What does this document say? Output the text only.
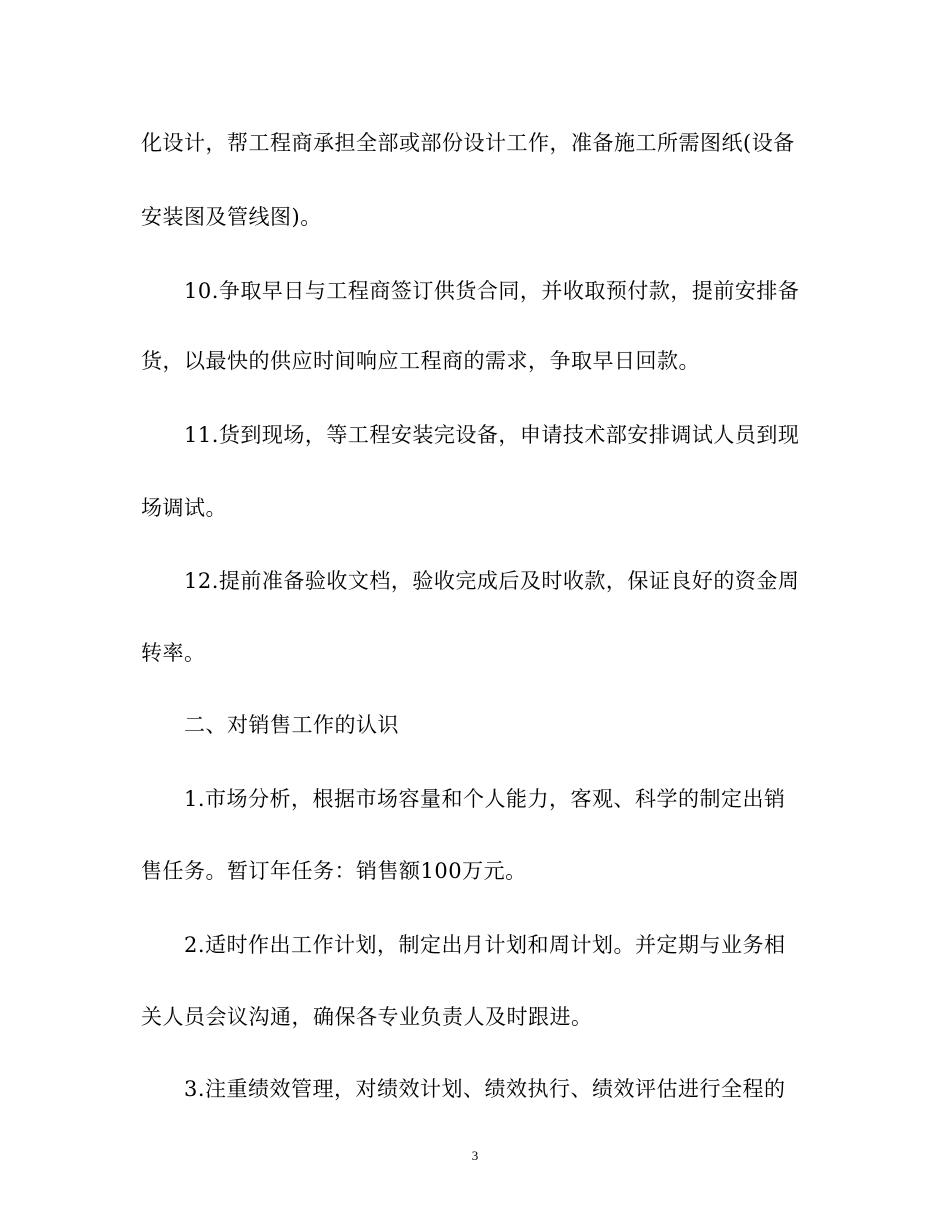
化设计，帮工程商承担全部或部份设计工作，准备施工所需图纸(设备
安装图及管线图)。
10.争取早日与工程商签订供货合同，并收取预付款，提前安排备
货，以最快的供应时间响应工程商的需求，争取早日回款。
11.货到现场，等工程安装完设备，申请技术部安排调试人员到现
场调试。
12.提前准备验收文档，验收完成后及时收款，保证良好的资金周
转率。
二、对销售工作的认识
1.市场分析，根据市场容量和个人能力，客观、科学的制定出销
售任务。暂订年任务：销售额100万元。
2.适时作出工作计划，制定出月计划和周计划。并定期与业务相
关人员会议沟通，确保各专业负责人及时跟进。
3.注重绩效管理，对绩效计划、绩效执行、绩效评估进行全程的
3
